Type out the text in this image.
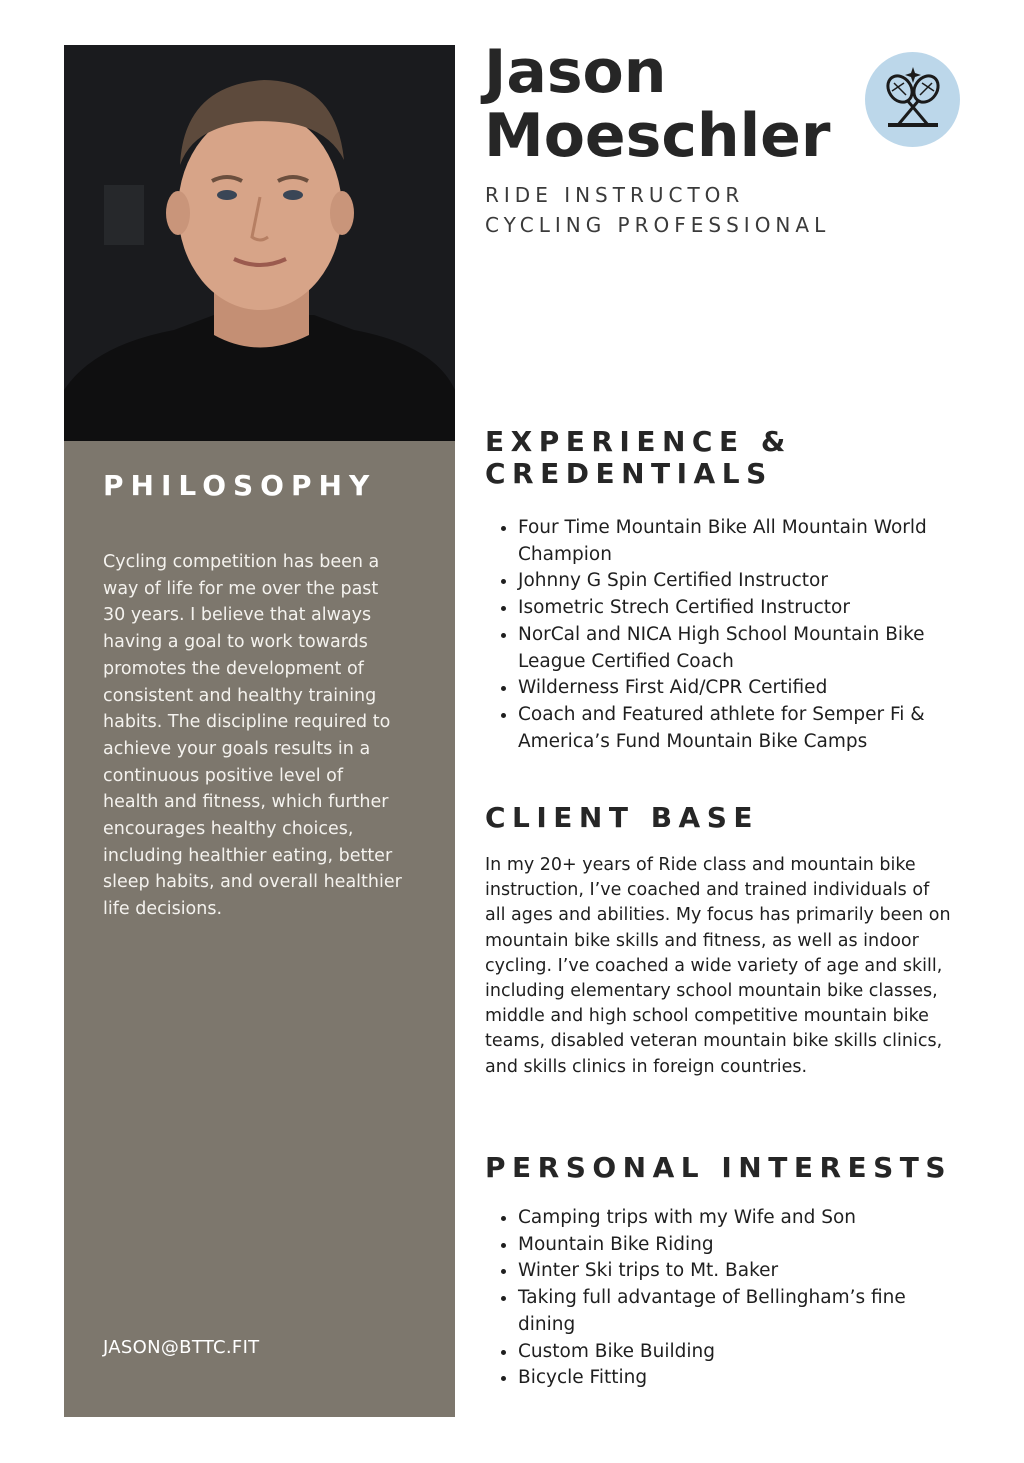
PHILOSOPHY
Cycling competition has been a way of life for me over the past 30 years. I believe that always having a goal to work towards promotes the development of consistent and healthy training habits. The discipline required to achieve your goals results in a continuous positive level of health and fitness, which further encourages healthy choices, including healthier eating, better sleep habits, and overall healthier life decisions.
JASON@BTTC.FIT
Jason
Moeschler
RIDE INSTRUCTOR
CYCLING PROFESSIONAL
EXPERIENCE &
CREDENTIALS
• Four Time Mountain Bike All Mountain World Champion
• Johnny G Spin Certified Instructor
• Isometric Strech Certified Instructor
• NorCal and NICA High School Mountain Bike League Certified Coach
• Wilderness First Aid/CPR Certified
• Coach and Featured athlete for Semper Fi & America’s Fund Mountain Bike Camps
CLIENT BASE
In my 20+ years of Ride class and mountain bike instruction, I’ve coached and trained individuals of all ages and abilities. My focus has primarily been on mountain bike skills and fitness, as well as indoor cycling. I’ve coached a wide variety of age and skill, including elementary school mountain bike classes, middle and high school competitive mountain bike teams, disabled veteran mountain bike skills clinics, and skills clinics in foreign countries.
PERSONAL INTERESTS
• Camping trips with my Wife and Son
• Mountain Bike Riding
• Winter Ski trips to Mt. Baker
• Taking full advantage of Bellingham’s fine dining
• Custom Bike Building
• Bicycle Fitting
